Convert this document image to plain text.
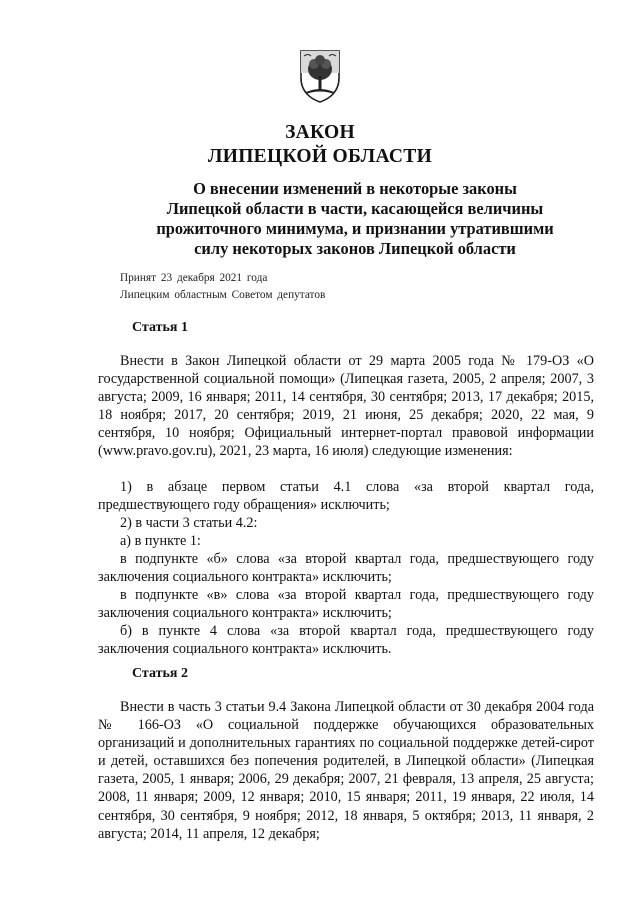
ЗАКОН
ЛИПЕЦКОЙ ОБЛАСТИ
О внесении изменений в некоторые законы
Липецкой области в части, касающейся величины
прожиточного минимума, и признании утратившими
силу некоторых законов Липецкой области
Принят 23 декабря 2021 года
Липецким областным Советом депутатов
Статья 1

Внести в Закон Липецкой области от 29 марта 2005 года № 179-ОЗ «О государственной социальной помощи» (Липецкая газета, 2005, 2 апреля; 2007, 3 августа; 2009, 16 января; 2011, 14 сентября, 30 сентября; 2013, 17 декабря; 2015, 18 ноября; 2017, 20 сентября; 2019, 21 июня, 25 декабря; 2020, 22 мая, 9 сентября, 10 ноября; Официальный интернет-портал правовой информации (www.pravo.gov.ru), 2021, 23 марта, 16 июля) следующие изменения:

1) в абзаце первом статьи 4.1 слова «за второй квартал года, предшествующего году обращения» исключить;

2) в части 3 статьи 4.2:

а) в пункте 1:

в подпункте «б» слова «за второй квартал года, предшествующего году заключения социального контракта» исключить;

в подпункте «в» слова «за второй квартал года, предшествующего году заключения социального контракта» исключить;

б) в пункте 4 слова «за второй квартал года, предшествующего году заключения социального контракта» исключить.

Статья 2

Внести в часть 3 статьи 9.4 Закона Липецкой области от 30 декабря 2004 года № 166-ОЗ «О социальной поддержке обучающихся образовательных организаций и дополнительных гарантиях по социальной поддержке детей-сирот и детей, оставшихся без попечения родителей, в Липецкой области» (Липецкая газета, 2005, 1 января; 2006, 29 декабря; 2007, 21 февраля, 13 апреля, 25 августа; 2008, 11 января; 2009, 12 января; 2010, 15 января; 2011, 19 января, 22 июля, 14 сентября, 30 сентября, 9 ноября; 2012, 18 января, 5 октября; 2013, 11 января, 2 августа; 2014, 11 апреля, 12 декабря;
